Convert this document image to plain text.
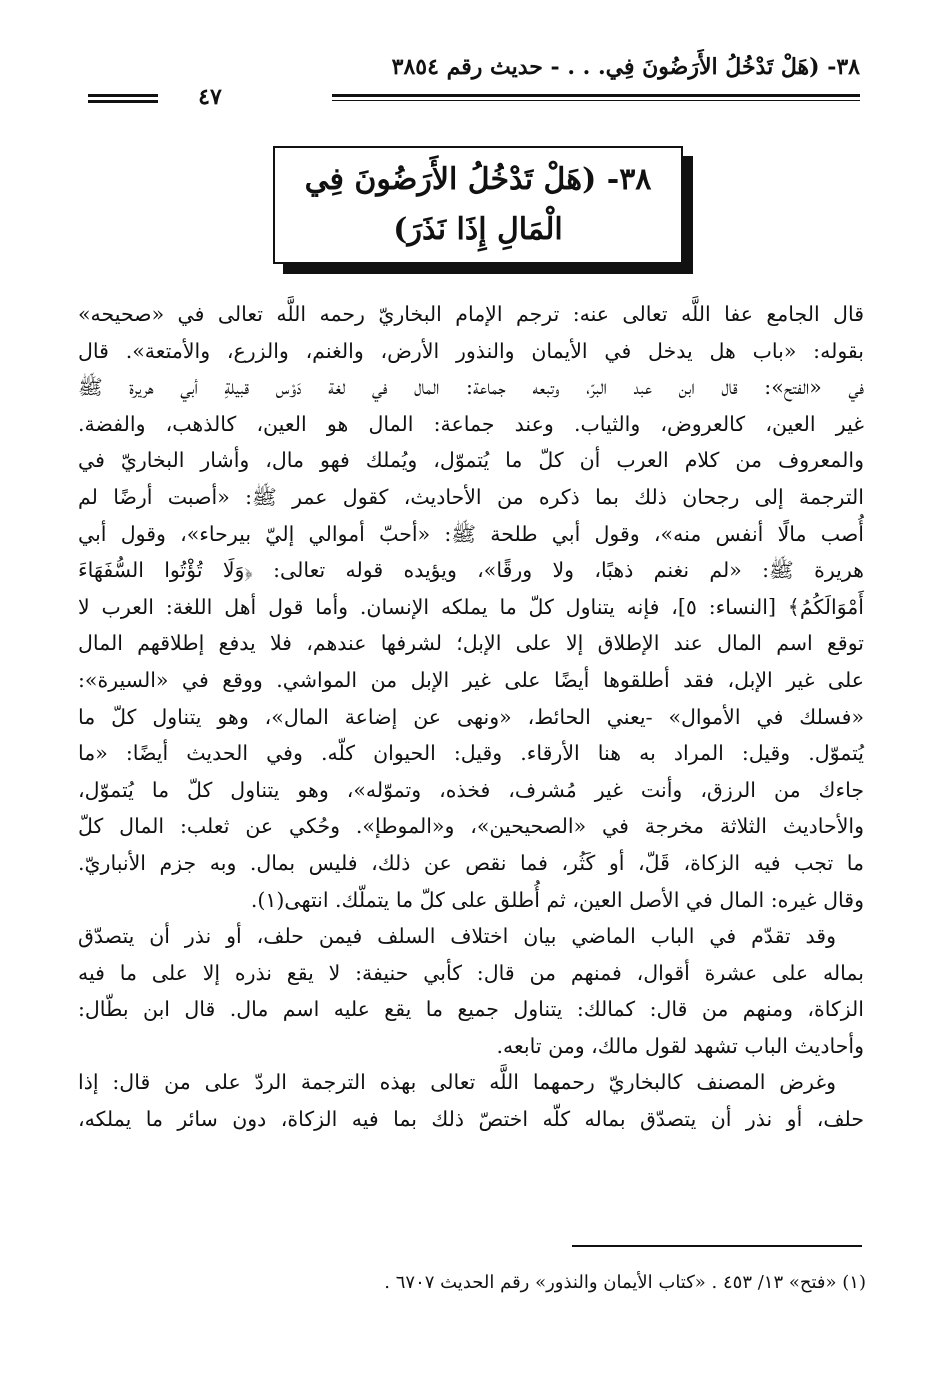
٣٨- (هَلْ تَدْخُلُ الأَرَضُونَ فِي. . . - حديث رقم ٣٨٥٤
٤٧
٣٨- (هَلْ تَدْخُلُ الأَرَضُونَ فِي
الْمَالِ إِذَا نَذَرَ)
قال الجامع عفا اللَّه تعالى عنه: ترجم الإمام البخاريّ رحمه اللَّه تعالى في «صحيحه»
بقوله: «باب هل يدخل في الأيمان والنذور الأرض، والغنم، والزرع، والأمتعة». قال
في «الفتح»: قال ابن عبد البرّ، وتبعه جماعة: المال في لغة دَوْس قبيلةِ أبي هريرة ﷺ
غير العين، كالعروض، والثياب. وعند جماعة: المال هو العين، كالذهب، والفضة.
والمعروف من كلام العرب أن كلّ ما يُتموّل، ويُملك فهو مال، وأشار البخاريّ في
الترجمة إلى رجحان ذلك بما ذكره من الأحاديث، كقول عمر ﷺ: «أصبت أرضًا لم
أُصب مالًا أنفس منه»، وقول أبي طلحة ﷺ: «أحبّ أموالي إليّ بيرحاء»، وقول أبي
هريرة ﷺ: «لم نغنم ذهبًا، ولا ورقًا»، ويؤيده قوله تعالى: ﴿وَلَا تُؤْتُوا السُّفَهَاءَ
أَمْوَالَكُمُ﴾ [النساء: ٥]، فإنه يتناول كلّ ما يملكه الإنسان. وأما قول أهل اللغة: العرب لا
توقع اسم المال عند الإطلاق إلا على الإبل؛ لشرفها عندهم، فلا يدفع إطلاقهم المال
على غير الإبل، فقد أطلقوها أيضًا على غير الإبل من المواشي. ووقع في «السيرة»:
«فسلك في الأموال» -يعني الحائط، «ونهى عن إضاعة المال»، وهو يتناول كلّ ما
يُتموّل. وقيل: المراد به هنا الأرقاء. وقيل: الحيوان كلّه. وفي الحديث أيضًا: «ما
جاءك من الرزق، وأنت غير مُشرف، فخذه، وتموّله»، وهو يتناول كلّ ما يُتموّل،
والأحاديث الثلاثة مخرجة في «الصحيحين»، و«الموطإ». وحُكي عن ثعلب: المال كلّ
ما تجب فيه الزكاة، قَلّ، أو كَثُر، فما نقص عن ذلك، فليس بمال. وبه جزم الأنباريّ.
وقال غيره: المال في الأصل العين، ثم أُطلق على كلّ ما يتملّك. انتهى(١).
وقد تقدّم في الباب الماضي بيان اختلاف السلف فيمن حلف، أو نذر أن يتصدّق
بماله على عشرة أقوال، فمنهم من قال: كأبي حنيفة: لا يقع نذره إلا على ما فيه
الزكاة، ومنهم من قال: كمالك: يتناول جميع ما يقع عليه اسم مال. قال ابن بطّال:
وأحاديث الباب تشهد لقول مالك، ومن تابعه.
وغرض المصنف كالبخاريّ رحمهما اللَّه تعالى بهذه الترجمة الردّ على من قال: إذا
حلف، أو نذر أن يتصدّق بماله كلّه اختصّ ذلك بما فيه الزكاة، دون سائر ما يملكه،
(١) «فتح» ١٣/ ٤٥٣ . «كتاب الأيمان والنذور» رقم الحديث ٦٧٠٧ .
